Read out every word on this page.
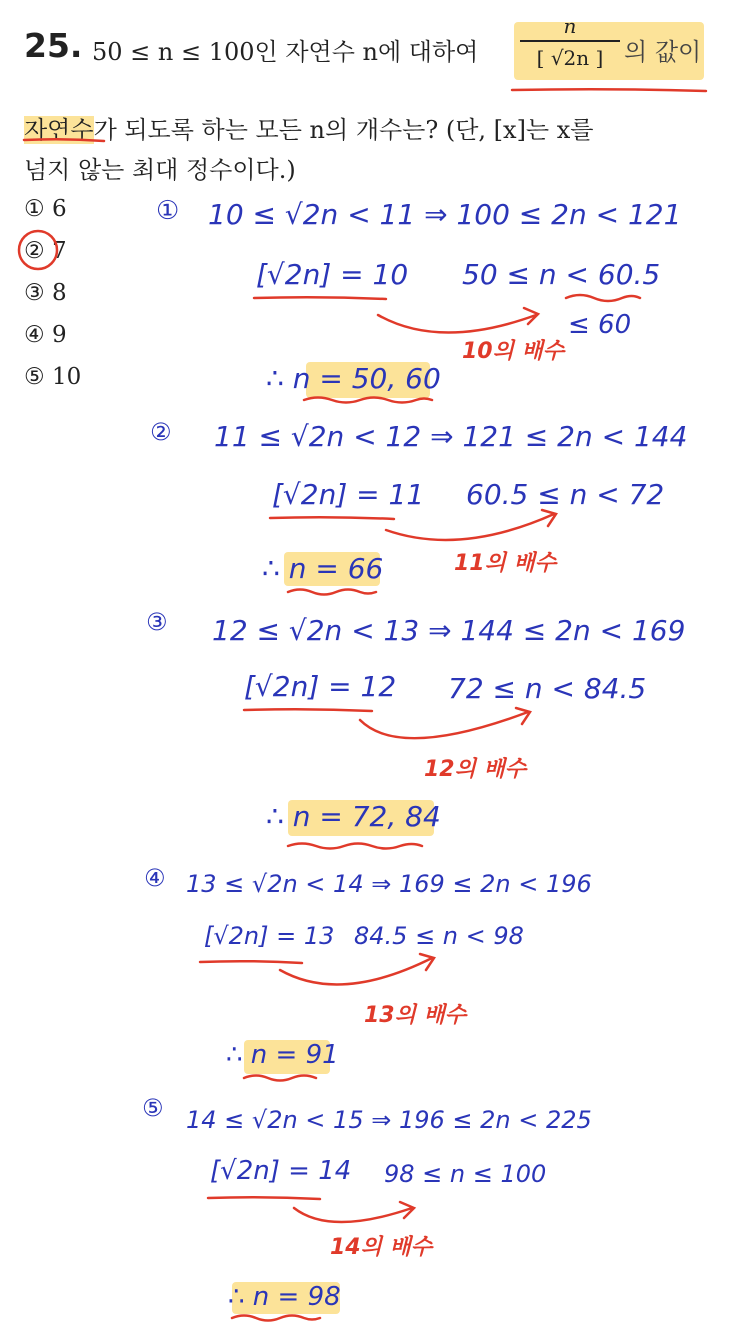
25. 50 ≤ n ≤ 100인 자연수 n에 대하여
n
[ √2n ] 의 값이
자연수가 되도록 하는 모든 n의 개수는? (단, [x]는 x를
넘지 않는 최대 정수이다.)
① 6
② 7
③ 8
④ 9
⑤ 10
① 10 ≤ √2n < 11 ⇒ 100 ≤ 2n < 121
[√2n] = 10 50 ≤ n < 60.5
≤ 60
10의 배수
∴ n = 50, 60
② 11 ≤ √2n < 12 ⇒ 121 ≤ 2n < 144
[√2n] = 11 60.5 ≤ n < 72
11의 배수
∴ n = 66
③ 12 ≤ √2n < 13 ⇒ 144 ≤ 2n < 169
[√2n] = 12 72 ≤ n < 84.5
12의 배수
∴ n = 72, 84
④ 13 ≤ √2n < 14 ⇒ 169 ≤ 2n < 196
[√2n] = 13 84.5 ≤ n < 98
13의 배수
∴ n = 91
⑤ 14 ≤ √2n < 15 ⇒ 196 ≤ 2n < 225
[√2n] = 14 98 ≤ n ≤ 100
14의 배수
∴ n = 98
